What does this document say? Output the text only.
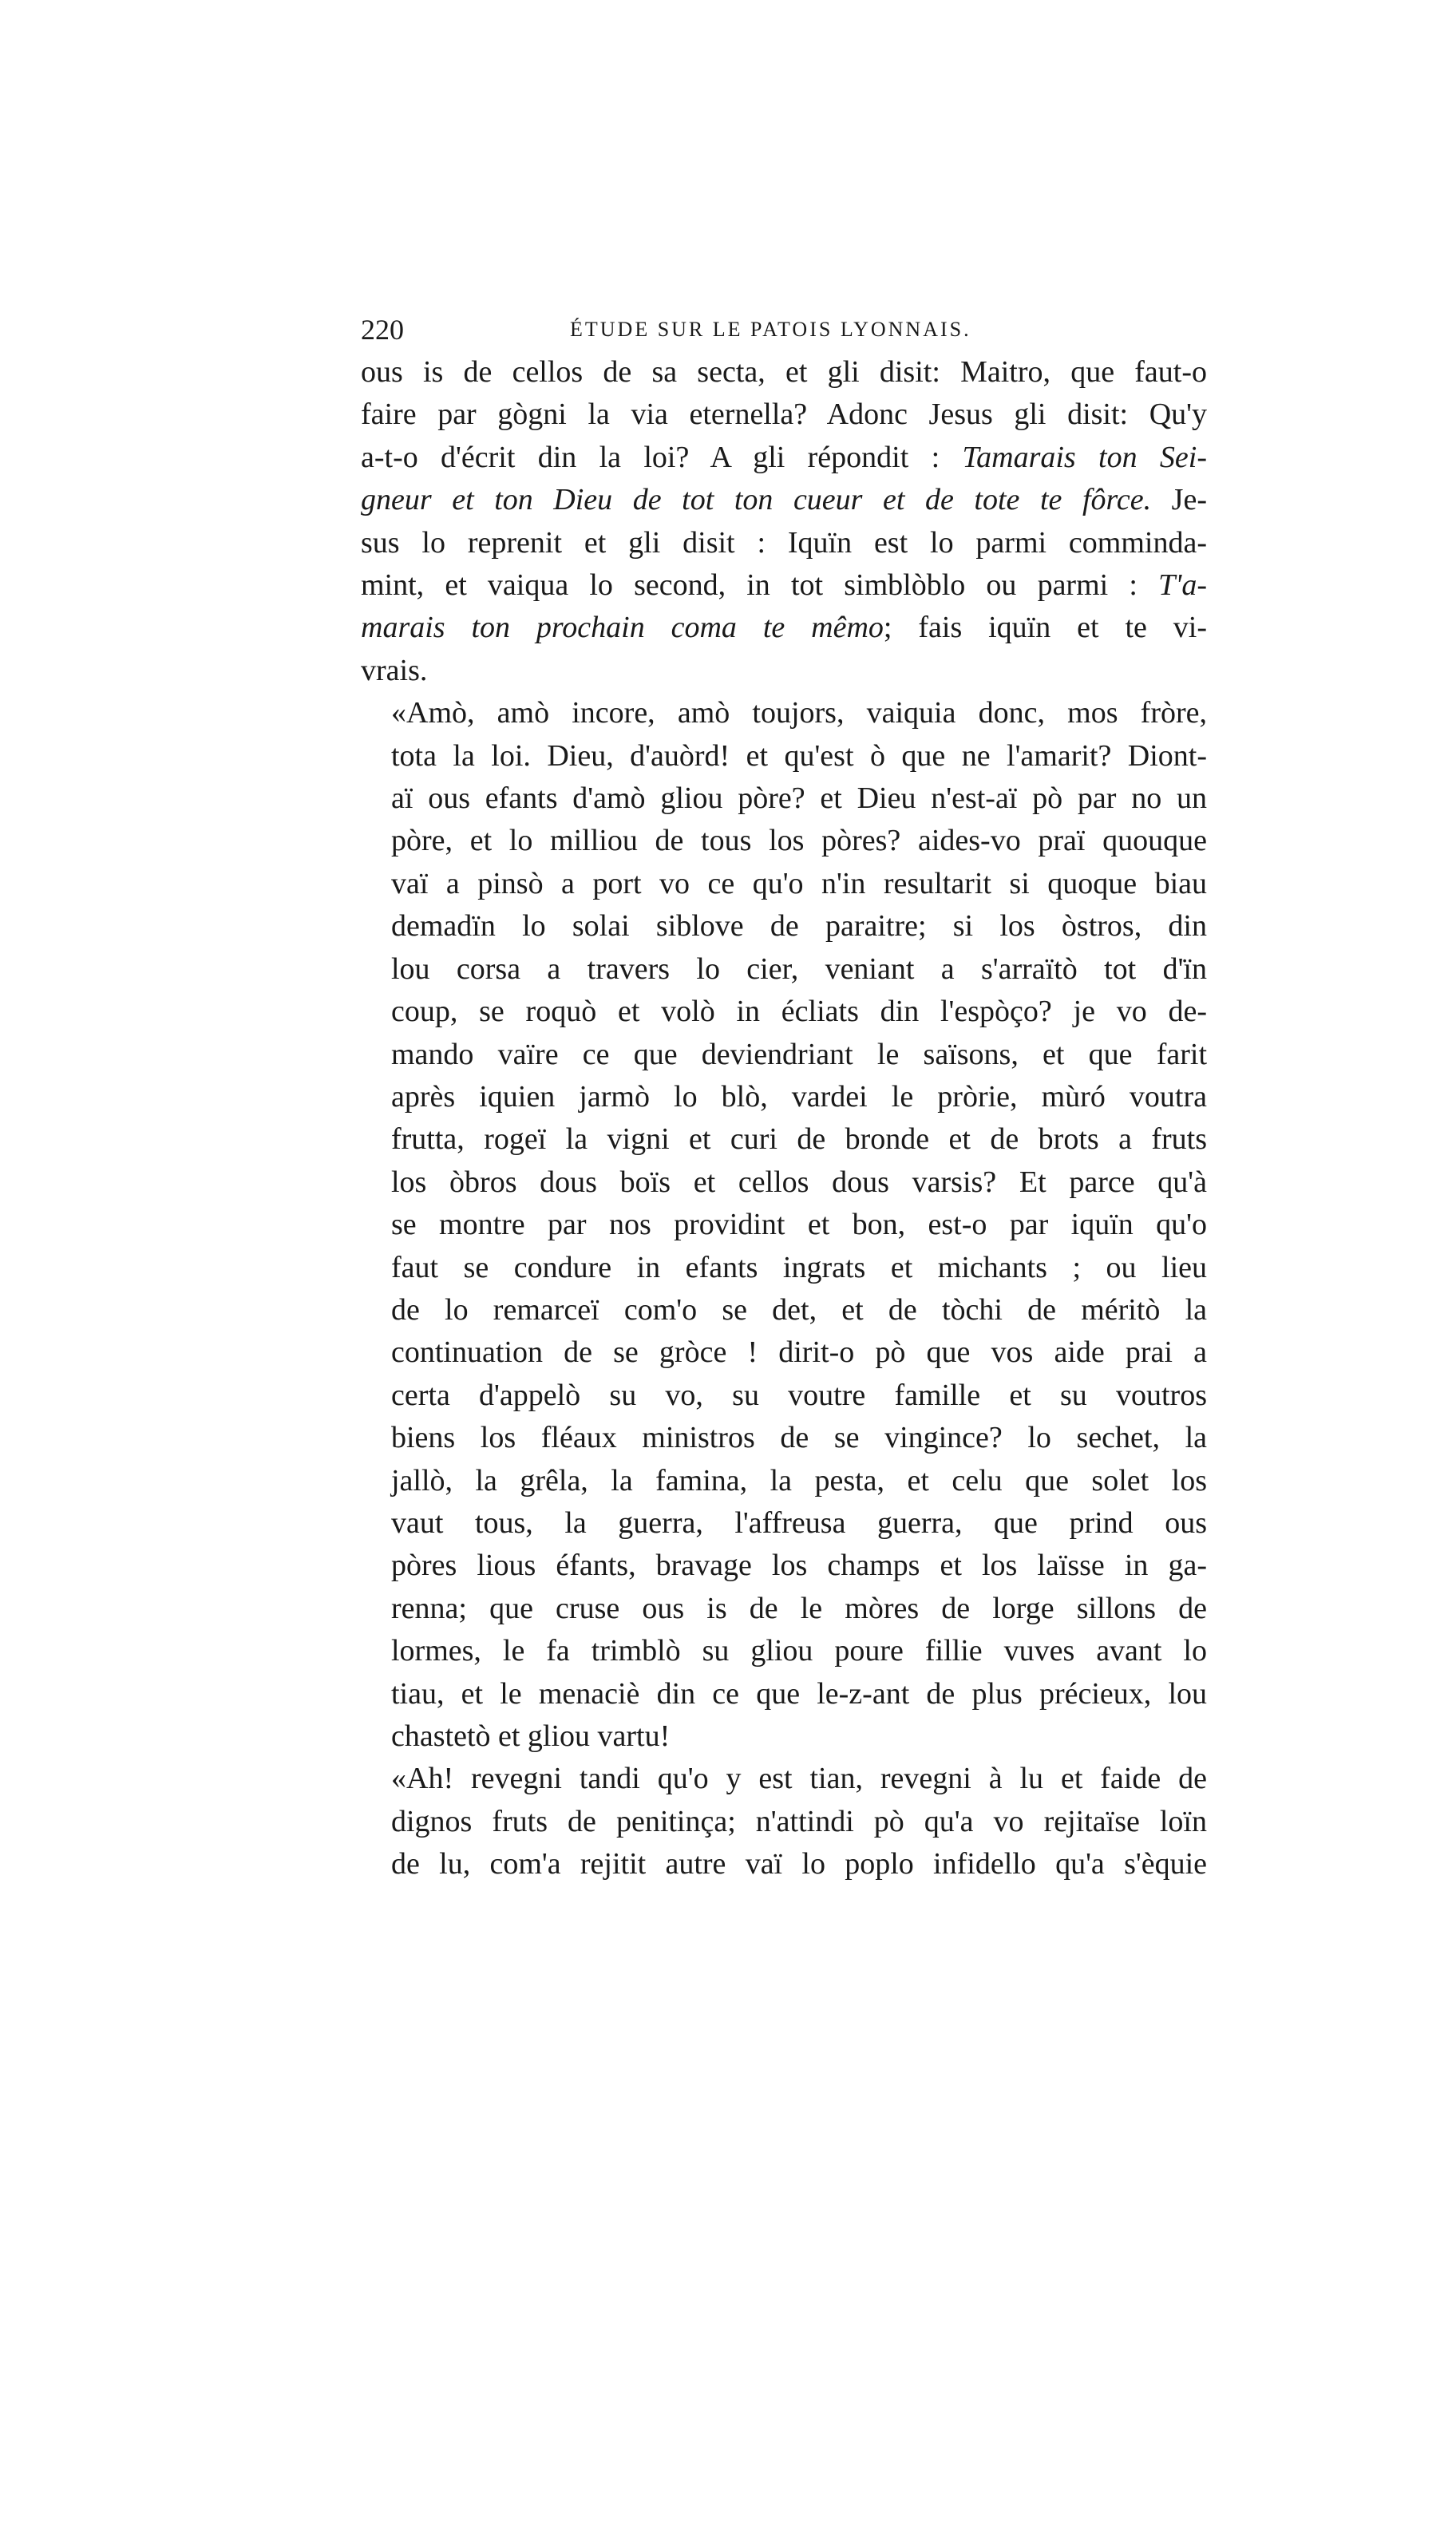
220	ÉTUDE SUR LE PATOIS LYONNAIS.

ous is de cellos de sa secta, et gli disit: Maitro, que faut-o
faire par gògni la via eternella? Adonc Jesus gli disit: Qu'y
a-t-o d'écrit din la loi? A gli répondit : Tamarais ton Sei-
gneur et ton Dieu de tot ton cueur et de tote te fôrce. Je-
sus lo reprenit et gli disit : Iquïn est lo parmi comminda-
mint, et vaiqua lo second, in tot simblòblo ou parmi : T'a-
marais ton prochain coma te mêmo; fais iquïn et te vi-
vrais.

«Amò, amò incore, amò toujors, vaiquia donc, mos fròre,
tota la loi. Dieu, d'auòrd! et qu'est ò que ne l'amarit? Diont-
aï ous efants d'amò gliou pòre? et Dieu n'est-aï pò par no un
pòre, et lo milliou de tous los pòres? aides-vo praï quouque
vaï a pinsò a port vo ce qu'o n'in resultarit si quoque biau
demadïn lo solai siblove de paraitre; si los òstros, din
lou corsa a travers lo cier, veniant a s'arraïtò tot d'ïn
coup, se roquò et volò in écliats din l'espòço? je vo de-
mando vaïre ce que deviendriant le saïsons, et que farit
après iquien jarmò lo blò, vardei le pròrie, mùró voutra
frutta, rogeï la vigni et curi de bronde et de brots a fruts
los òbros dous boïs et cellos dous varsis? Et parce qu'à
se montre par nos providint et bon, est-o par iquïn qu'o
faut se condure in efants ingrats et michants ; ou lieu
de lo remarceï com'o se det, et de tòchi de méritò la
continuation de se gròce ! dirit-o pò que vos aide prai a
certa d'appelò su vo, su voutre famille et su voutros
biens los fléaux ministros de se vingince? lo sechet, la
jallò, la grêla, la famina, la pesta, et celu que solet los
vaut tous, la guerra, l'affreusa guerra, que prind ous
pòres lious éfants, bravage los champs et los laïsse in ga-
renna; que cruse ous is de le mòres de lorge sillons de
lormes, le fa trimblò su gliou poure fillie vuves avant lo
tiau, et le menaciè din ce que le-z-ant de plus précieux, lou
chastetò et gliou vartu!

«Ah! revegni tandi qu'o y est tian, revegni à lu et faide de
dignos fruts de penitinça; n'attindi pò qu'a vo rejitaïse loïn
de lu, com'a rejitit autre vaï lo poplo infidello qu'a s'èquie
